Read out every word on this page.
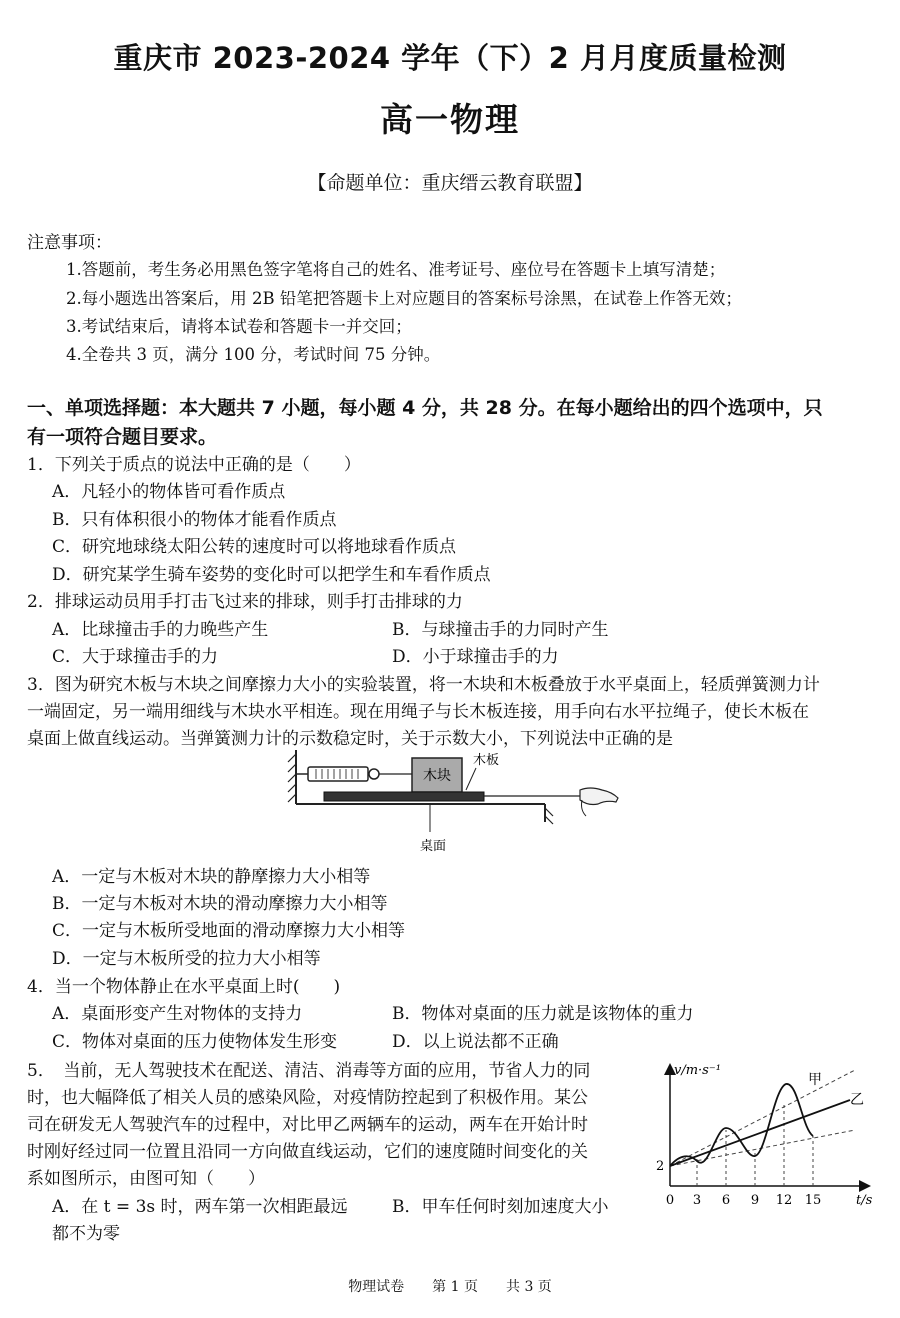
重庆市 2023-2024 学年（下）2 月月度质量检测
高一物理
【命题单位：重庆缙云教育联盟】
注意事项：
1.答题前，考生务必用黑色签字笔将自己的姓名、准考证号、座位号在答题卡上填写清楚；
2.每小题选出答案后，用 2B 铅笔把答题卡上对应题目的答案标号涂黑，在试卷上作答无效；
3.考试结束后，请将本试卷和答题卡一并交回；
4.全卷共 3 页，满分 100 分，考试时间 75 分钟。
一、单项选择题：本大题共 7 小题，每小题 4 分，共 28 分。在每小题给出的四个选项中，只
有一项符合题目要求。
1．下列关于质点的说法中正确的是（　　）
A．凡轻小的物体皆可看作质点
B．只有体积很小的物体才能看作质点
C．研究地球绕太阳公转的速度时可以将地球看作质点
D．研究某学生骑车姿势的变化时可以把学生和车看作质点
2．排球运动员用手打击飞过来的排球，则手打击排球的力
A．比球撞击手的力晚些产生	B．与球撞击手的力同时产生
C．大于球撞击手的力	D．小于球撞击手的力
3．图为研究木板与木块之间摩擦力大小的实验装置，将一木块和木板叠放于水平桌面上，轻质弹簧测力计
一端固定，另一端用细线与木块水平相连。现在用绳子与长木板连接，用手向右水平拉绳子，使长木板在
桌面上做直线运动。当弹簧测力计的示数稳定时，关于示数大小，下列说法中正确的是
木块
木板
桌面
A．一定与木板对木块的静摩擦力大小相等
B．一定与木板对木块的滑动摩擦力大小相等
C．一定与木板所受地面的滑动摩擦力大小相等
D．一定与木板所受的拉力大小相等
4．当一个物体静止在水平桌面上时(　　)
A．桌面形变产生对物体的支持力	B．物体对桌面的压力就是该物体的重力
C．物体对桌面的压力使物体发生形变	D．以上说法都不正确
5．　当前，无人驾驶技术在配送、清洁、消毒等方面的应用，节省人力的同
时，也大幅降低了相关人员的感染风险，对疫情防控起到了积极作用。某公
司在研发无人驾驶汽车的过程中，对比甲乙两辆车的运动，两车在开始计时
时刚好经过同一位置且沿同一方向做直线运动，它们的速度随时间变化的关
系如图所示，由图可知（　　）
A．在 t = 3s 时，两车第一次相距最远	B．甲车任何时刻加速度大小
都不为零
v/m·s⁻¹
t/s
2
0 3 6 9 12 15
乙
甲
物理试卷　　第 1 页　　共 3 页
